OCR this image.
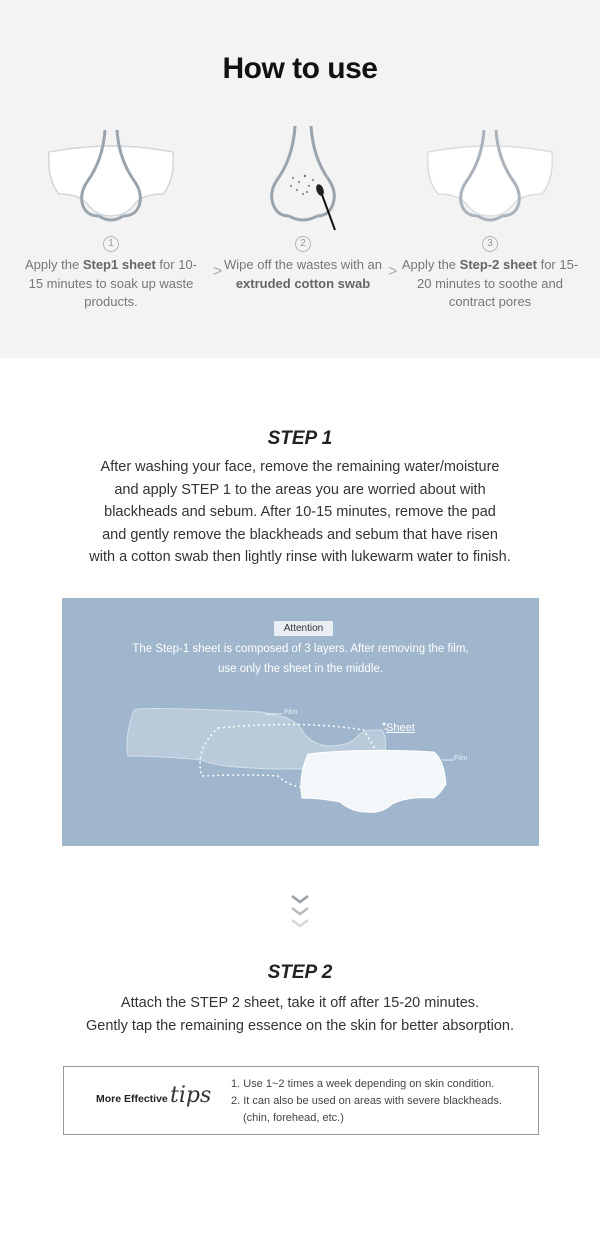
How to use
1

Apply the Step1 sheet for 10-15 minutes to soak up waste products.

>
2

Wipe off the wastes with an extruded cotton swab

>
3

Apply the Step-2 sheet for 15-20 minutes to soothe and contract pores

STEP 1
After washing your face, remove the remaining water/moisture
and apply STEP 1 to the areas you are worried about with
blackheads and sebum. After 10-15 minutes, remove the pad
and gently remove the blackheads and sebum that have risen
with a cotton swab then lightly rinse with lukewarm water to finish.
Attention
The Step-1 sheet is composed of 3 layers. After removing the film,
use only the sheet in the middle.
Film
Sheet
Film
STEP 2
Attach the STEP 2 sheet, take it off after 15-20 minutes.
Gently tap the remaining essence on the skin for better absorption.
More Effective tips 1. Use 1~2 times a week depending on skin condition.
2. It can also be used on areas with severe blackheads.
(chin, forehead, etc.)
